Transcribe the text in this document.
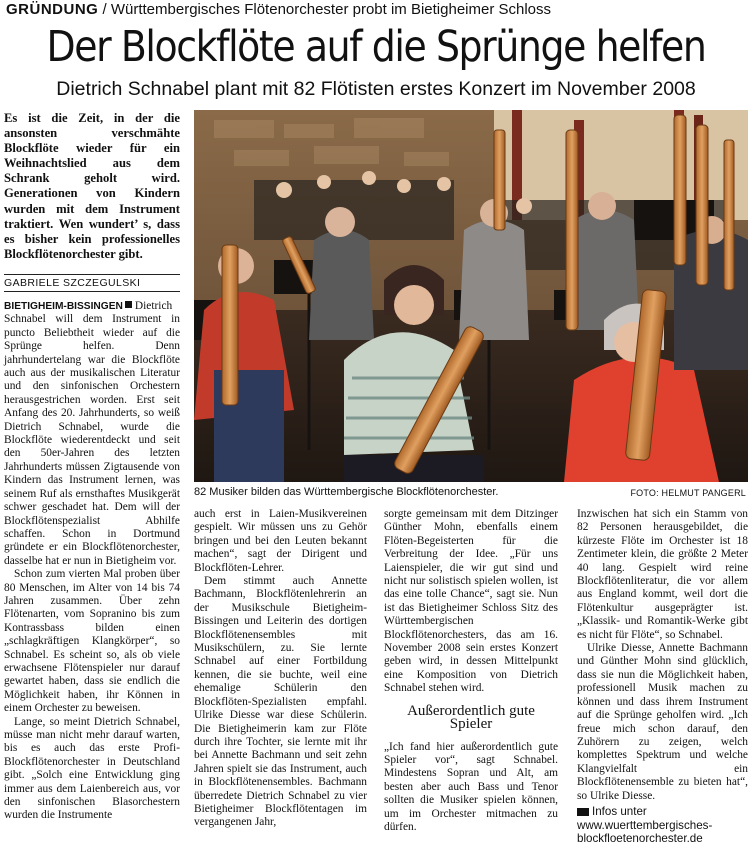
GRÜNDUNG / Württembergisches Flötenorchester probt im Bietigheimer Schloss
Der Blockflöte auf die Sprünge helfen
Dietrich Schnabel plant mit 82 Flötisten erstes Konzert im November 2008
Es ist die Zeit, in der die ansonsten verschmähte Blockflöte wieder für ein Weihnachtslied aus dem Schrank geholt wird. Generationen von Kindern wurden mit dem Instrument traktiert. Wen wundert’ s, dass es bisher kein professionelles Blockflötenorchester gibt.
GABRIELE SZCZEGULSKI
82 Musiker bilden das Württembergische Blockflötenorchester.	FOTO: HELMUT PANGERL

BIETIGHEIM-BISSINGEN Dietrich Schnabel will dem Instrument in puncto Beliebtheit wieder auf die Sprünge helfen. Denn jahrhundertelang war die Blockflöte auch aus der musikalischen Literatur und den sinfonischen Orchestern herausgestrichen worden. Erst seit Anfang des 20. Jahrhunderts, so weiß Dietrich Schnabel, wurde die Blockflöte wiederentdeckt und seit den 50er-Jahren des letzten Jahrhunderts müssen Zigtausende von Kindern das Instrument lernen, was seinem Ruf als ernsthaftes Musikgerät schwer geschadet hat. Dem will der Blockflötenspezialist Abhilfe schaffen. Schon in Dortmund gründete er ein Blockflötenorchester, dasselbe hat er nun in Bietigheim vor.

Schon zum vierten Mal proben über 80 Menschen, im Alter von 14 bis 74 Jahren zusammen. Über zehn Flötenarten, vom Sopranino bis zum Kontrassbass bilden einen „schlagkräftigen Klangkörper“, so Schnabel. Es scheint so, als ob viele erwachsene Flötenspieler nur darauf gewartet haben, dass sie endlich die Möglichkeit haben, ihr Können in einem Orchester zu beweisen.

Lange, so meint Dietrich Schnabel, müsse man nicht mehr darauf warten, bis es auch das erste Profi-Blockflötenorchester in Deutschland gibt. „Solch eine Entwicklung ging immer aus dem Laienbereich aus, vor den sinfonischen Blasorchestern wurden die Instrumente

auch erst in Laien-Musikvereinen gespielt. Wir müssen uns zu Gehör bringen und bei den Leuten bekannt machen“, sagt der Dirigent und Blockflöten-Lehrer.

Dem stimmt auch Annette Bachmann, Blockflötenlehrerin an der Musikschule Bietigheim-Bissingen und Leiterin des dortigen Blockflötenensembles mit Musikschülern, zu. Sie lernte Schnabel auf einer Fortbildung kennen, die sie buchte, weil eine ehemalige Schülerin den Blockflöten-Spezialisten empfahl. Ulrike Diesse war diese Schülerin. Die Bietigheimerin kam zur Flöte durch ihre Tochter, sie lernte mit ihr bei Annette Bachmann und seit zehn Jahren spielt sie das Instrument, auch in Blockflötenensembles. Bachmann überredete Dietrich Schnabel zu vier Bietigheimer Blockflötentagen im vergangenen Jahr,

sorgte gemeinsam mit dem Ditzinger Günther Mohn, ebenfalls einem Flöten-Begeisterten für die Verbreitung der Idee. „Für uns Laienspieler, die wir gut sind und nicht nur solistisch spielen wollen, ist das eine tolle Chance“, sagt sie. Nun ist das Bietigheimer Schloss Sitz des Württembergischen Blockflötenorchesters, das am 16. November 2008 sein erstes Konzert geben wird, in dessen Mittelpunkt eine Komposition von Dietrich Schnabel stehen wird.

Außerordentlich gute Spieler

„Ich fand hier außerordentlich gute Spieler vor“, sagt Schnabel. Mindestens Sopran und Alt, am besten aber auch Bass und Tenor sollten die Musiker spielen können, um im Orchester mitmachen zu dürfen.

Inzwischen hat sich ein Stamm von 82 Personen herausgebildet, die kürzeste Flöte im Orchester ist 18 Zentimeter klein, die größte 2 Meter 40 lang. Gespielt wird reine Blockflötenliteratur, die vor allem aus England kommt, weil dort die Flötenkultur ausgeprägter ist. „Klassik- und Romantik-Werke gibt es nicht für Flöte“, so Schnabel.

Ulrike Diesse, Annette Bachmann und Günther Mohn sind glücklich, dass sie nun die Möglichkeit haben, professionell Musik machen zu können und dass ihrem Instrument auf die Sprünge geholfen wird. „Ich freue mich schon darauf, den Zuhörern zu zeigen, welch komplettes Spektrum und welche Klangvielfalt ein Blockflötenensemble zu bieten hat“, so Ulrike Diesse.

Infos unter www.wuerttembergisches-blockfloetenorchester.de
